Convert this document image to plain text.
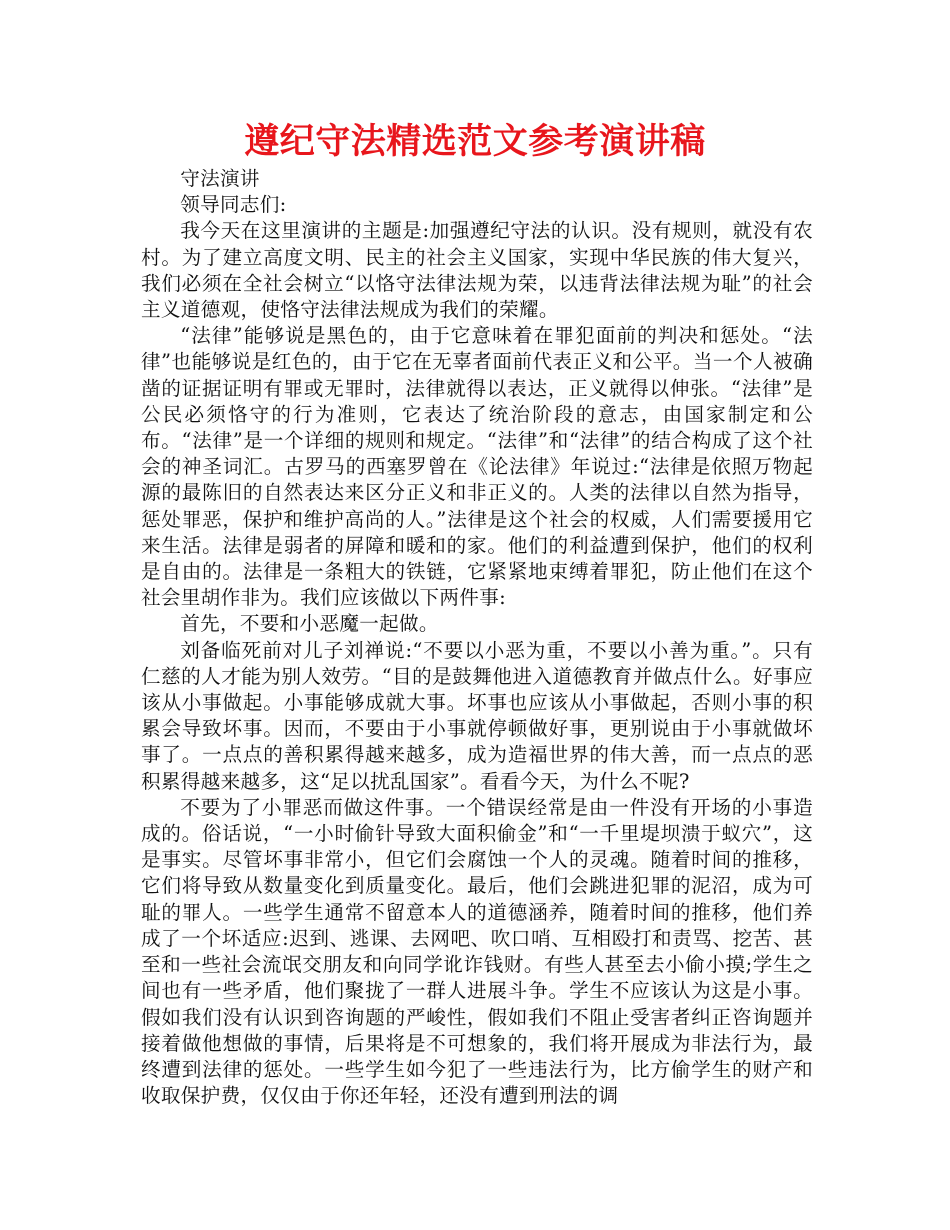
遵纪守法精选范文参考演讲稿

守法演讲

领导同志们:

我今天在这里演讲的主题是:加强遵纪守法的认识。没有规则，就没有农村。为了建立高度文明、民主的社会主义国家，实现中华民族的伟大复兴，我们必须在全社会树立“以恪守法律法规为荣，以违背法律法规为耻”的社会主义道德观，使恪守法律法规成为我们的荣耀。

“法律”能够说是黑色的，由于它意味着在罪犯面前的判决和惩处。“法律”也能够说是红色的，由于它在无辜者面前代表正义和公平。当一个人被确凿的证据证明有罪或无罪时，法律就得以表达，正义就得以伸张。“法律”是公民必须恪守的行为准则，它表达了统治阶段的意志，由国家制定和公布。“法律”是一个详细的规则和规定。“法律”和“法律”的结合构成了这个社会的神圣词汇。古罗马的西塞罗曾在《论法律》年说过:“法律是依照万物起源的最陈旧的自然表达来区分正义和非正义的。人类的法律以自然为指导，惩处罪恶，保护和维护高尚的人。”法律是这个社会的权威，人们需要援用它来生活。法律是弱者的屏障和暖和的家。他们的利益遭到保护，他们的权利是自由的。法律是一条粗大的铁链，它紧紧地束缚着罪犯，防止他们在这个社会里胡作非为。我们应该做以下两件事:

首先，不要和小恶魔一起做。

刘备临死前对儿子刘禅说:“不要以小恶为重，不要以小善为重。”。只有仁慈的人才能为别人效劳。“目的是鼓舞他进入道德教育并做点什么。好事应该从小事做起。小事能够成就大事。坏事也应该从小事做起，否则小事的积累会导致坏事。因而，不要由于小事就停顿做好事，更别说由于小事就做坏事了。一点点的善积累得越来越多，成为造福世界的伟大善，而一点点的恶积累得越来越多，这“足以扰乱国家”。看看今天，为什么不呢?

不要为了小罪恶而做这件事。一个错误经常是由一件没有开场的小事造成的。俗话说，“一小时偷针导致大面积偷金”和“一千里堤坝溃于蚁穴”，这是事实。尽管坏事非常小，但它们会腐蚀一个人的灵魂。随着时间的推移，它们将导致从数量变化到质量变化。最后，他们会跳进犯罪的泥沼，成为可耻的罪人。一些学生通常不留意本人的道德涵养，随着时间的推移，他们养成了一个坏适应:迟到、逃课、去网吧、吹口哨、互相殴打和责骂、挖苦、甚至和一些社会流氓交朋友和向同学讹诈钱财。有些人甚至去小偷小摸;学生之间也有一些矛盾，他们聚拢了一群人进展斗争。学生不应该认为这是小事。假如我们没有认识到咨询题的严峻性，假如我们不阻止受害者纠正咨询题并接着做他想做的事情，后果将是不可想象的，我们将开展成为非法行为，最终遭到法律的惩处。一些学生如今犯了一些违法行为，比方偷学生的财产和收取保护费，仅仅由于你还年轻，还没有遭到刑法的调
